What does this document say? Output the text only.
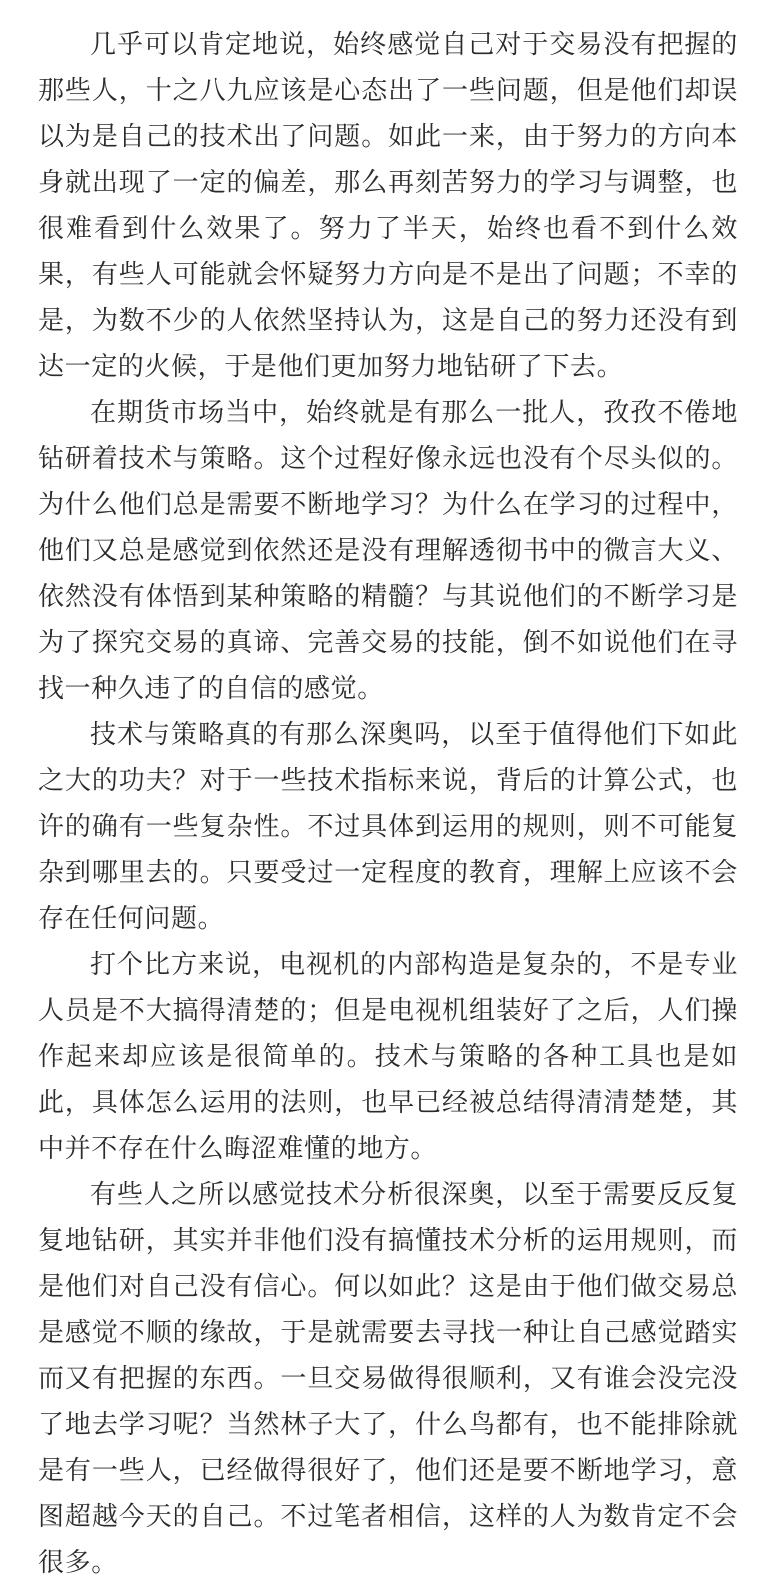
几乎可以肯定地说，始终感觉自己对于交易没有把握的那些人，十之八九应该是心态出了一些问题，但是他们却误以为是自己的技术出了问题。如此一来，由于努力的方向本身就出现了一定的偏差，那么再刻苦努力的学习与调整，也很难看到什么效果了。努力了半天，始终也看不到什么效果，有些人可能就会怀疑努力方向是不是出了问题；不幸的是，为数不少的人依然坚持认为，这是自己的努力还没有到达一定的火候，于是他们更加努力地钻研了下去。

在期货市场当中，始终就是有那么一批人，孜孜不倦地钻研着技术与策略。这个过程好像永远也没有个尽头似的。为什么他们总是需要不断地学习？为什么在学习的过程中，他们又总是感觉到依然还是没有理解透彻书中的微言大义、依然没有体悟到某种策略的精髓？与其说他们的不断学习是为了探究交易的真谛、完善交易的技能，倒不如说他们在寻找一种久违了的自信的感觉。

技术与策略真的有那么深奥吗，以至于值得他们下如此之大的功夫？对于一些技术指标来说，背后的计算公式，也许的确有一些复杂性。不过具体到运用的规则，则不可能复杂到哪里去的。只要受过一定程度的教育，理解上应该不会存在任何问题。

打个比方来说，电视机的内部构造是复杂的，不是专业人员是不大搞得清楚的；但是电视机组装好了之后，人们操作起来却应该是很简单的。技术与策略的各种工具也是如此，具体怎么运用的法则，也早已经被总结得清清楚楚，其中并不存在什么晦涩难懂的地方。

有些人之所以感觉技术分析很深奥，以至于需要反反复复地钻研，其实并非他们没有搞懂技术分析的运用规则，而是他们对自己没有信心。何以如此？这是由于他们做交易总是感觉不顺的缘故，于是就需要去寻找一种让自己感觉踏实而又有把握的东西。一旦交易做得很顺利，又有谁会没完没了地去学习呢？当然林子大了，什么鸟都有，也不能排除就是有一些人，已经做得很好了，他们还是要不断地学习，意图超越今天的自己。不过笔者相信，这样的人为数肯定不会很多。
